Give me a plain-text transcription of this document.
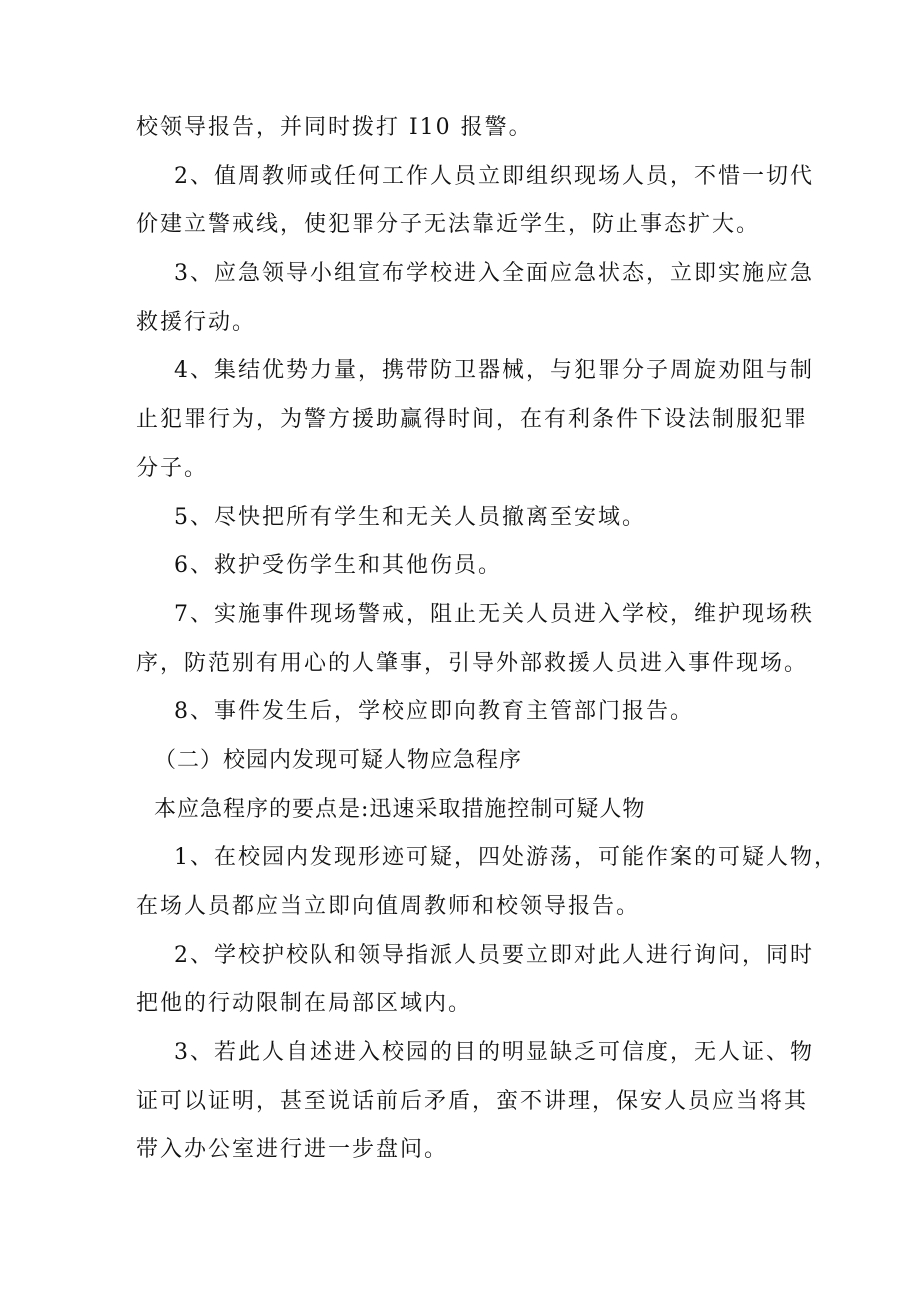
校领导报告，并同时拨打 I10 报警。
2、值周教师或任何工作人员立即组织现场人员，不惜一切代
价建立警戒线，使犯罪分子无法靠近学生，防止事态扩大。
3、应急领导小组宣布学校进入全面应急状态，立即实施应急
救援行动。
4、集结优势力量，携带防卫器械，与犯罪分子周旋劝阻与制
止犯罪行为，为警方援助赢得时间，在有利条件下设法制服犯罪
分子。
5、尽快把所有学生和无关人员撤离至安域。
6、救护受伤学生和其他伤员。
7、实施事件现场警戒，阻止无关人员进入学校，维护现场秩
序，防范别有用心的人肇事，引导外部救援人员进入事件现场。
8、事件发生后，学校应即向教育主管部门报告。
（二）校园内发现可疑人物应急程序
本应急程序的要点是:迅速采取措施控制可疑人物
1、在校园内发现形迹可疑，四处游荡，可能作案的可疑人物，
在场人员都应当立即向值周教师和校领导报告。
2、学校护校队和领导指派人员要立即对此人进行询问，同时
把他的行动限制在局部区域内。
3、若此人自述进入校园的目的明显缺乏可信度，无人证、物
证可以证明，甚至说话前后矛盾，蛮不讲理，保安人员应当将其
带入办公室进行进一步盘问。
